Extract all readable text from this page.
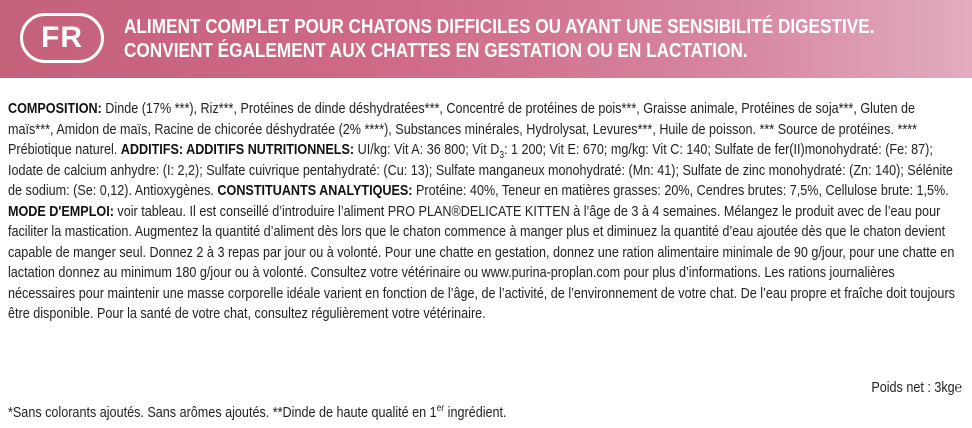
FR	ALIMENT COMPLET POUR CHATONS DIFFICILES OU AYANT UNE SENSIBILITÉ DIGESTIVE.
CONVIENT ÉGALEMENT AUX CHATTES EN GESTATION OU EN LACTATION.

COMPOSITION: Dinde (17% ***), Riz***, Protéines de dinde déshydratées***, Concentré de protéines de pois***, Graisse animale, Protéines de soja***, Gluten de maïs***, Amidon de maïs, Racine de chicorée déshydratée (2% ****), Substances minérales, Hydrolysat, Levures***, Huile de poisson. *** Source de protéines. **** Prébiotique naturel. ADDITIFS: ADDITIFS NUTRITIONNELS: UI/kg: Vit A: 36 800; Vit $D_3$: 1 200; Vit E: 670; mg/kg: Vit C: 140; Sulfate de fer(II)monohydraté: (Fe: 87); Iodate de calcium anhydre: (I: 2,2); Sulfate cuivrique pentahydraté: (Cu: 13); Sulfate manganeux monohydraté: (Mn: 41); Sulfate de zinc monohydraté: (Zn: 140); Sélénite de sodium: (Se: 0,12). Antioxygènes. CONSTITUANTS ANALYTIQUES: Protéine: 40%, Teneur en matières grasses: 20%, Cendres brutes: 7,5%, Cellulose brute: 1,5%. MODE D'EMPLOI: voir tableau. Il est conseillé d’introduire l’aliment PRO PLAN®DELICATE KITTEN à l’âge de 3 à 4 semaines. Mélangez le produit avec de l’eau pour faciliter la mastication. Augmentez la quantité d’aliment dès lors que le chaton commence à manger plus et diminuez la quantité d’eau ajoutée dès que le chaton devient capable de manger seul. Donnez 2 à 3 repas par jour ou à volonté. Pour une chatte en gestation, donnez une ration alimentaire minimale de 90 g/jour, pour une chatte en lactation donnez au minimum 180 g/jour ou à volonté. Consultez votre vétérinaire ou www.purina-proplan.com pour plus d’informations. Les rations journalières nécessaires pour maintenir une masse corporelle idéale varient en fonction de l’âge, de l’activité, de l’environnement de votre chat. De l’eau propre et fraîche doit toujours être disponible. Pour la santé de votre chat, consultez régulièrement votre vétérinaire.

Poids net : 3kg℮
*Sans colorants ajoutés. Sans arômes ajoutés. **Dinde de haute qualité en 1er ingrédient.
